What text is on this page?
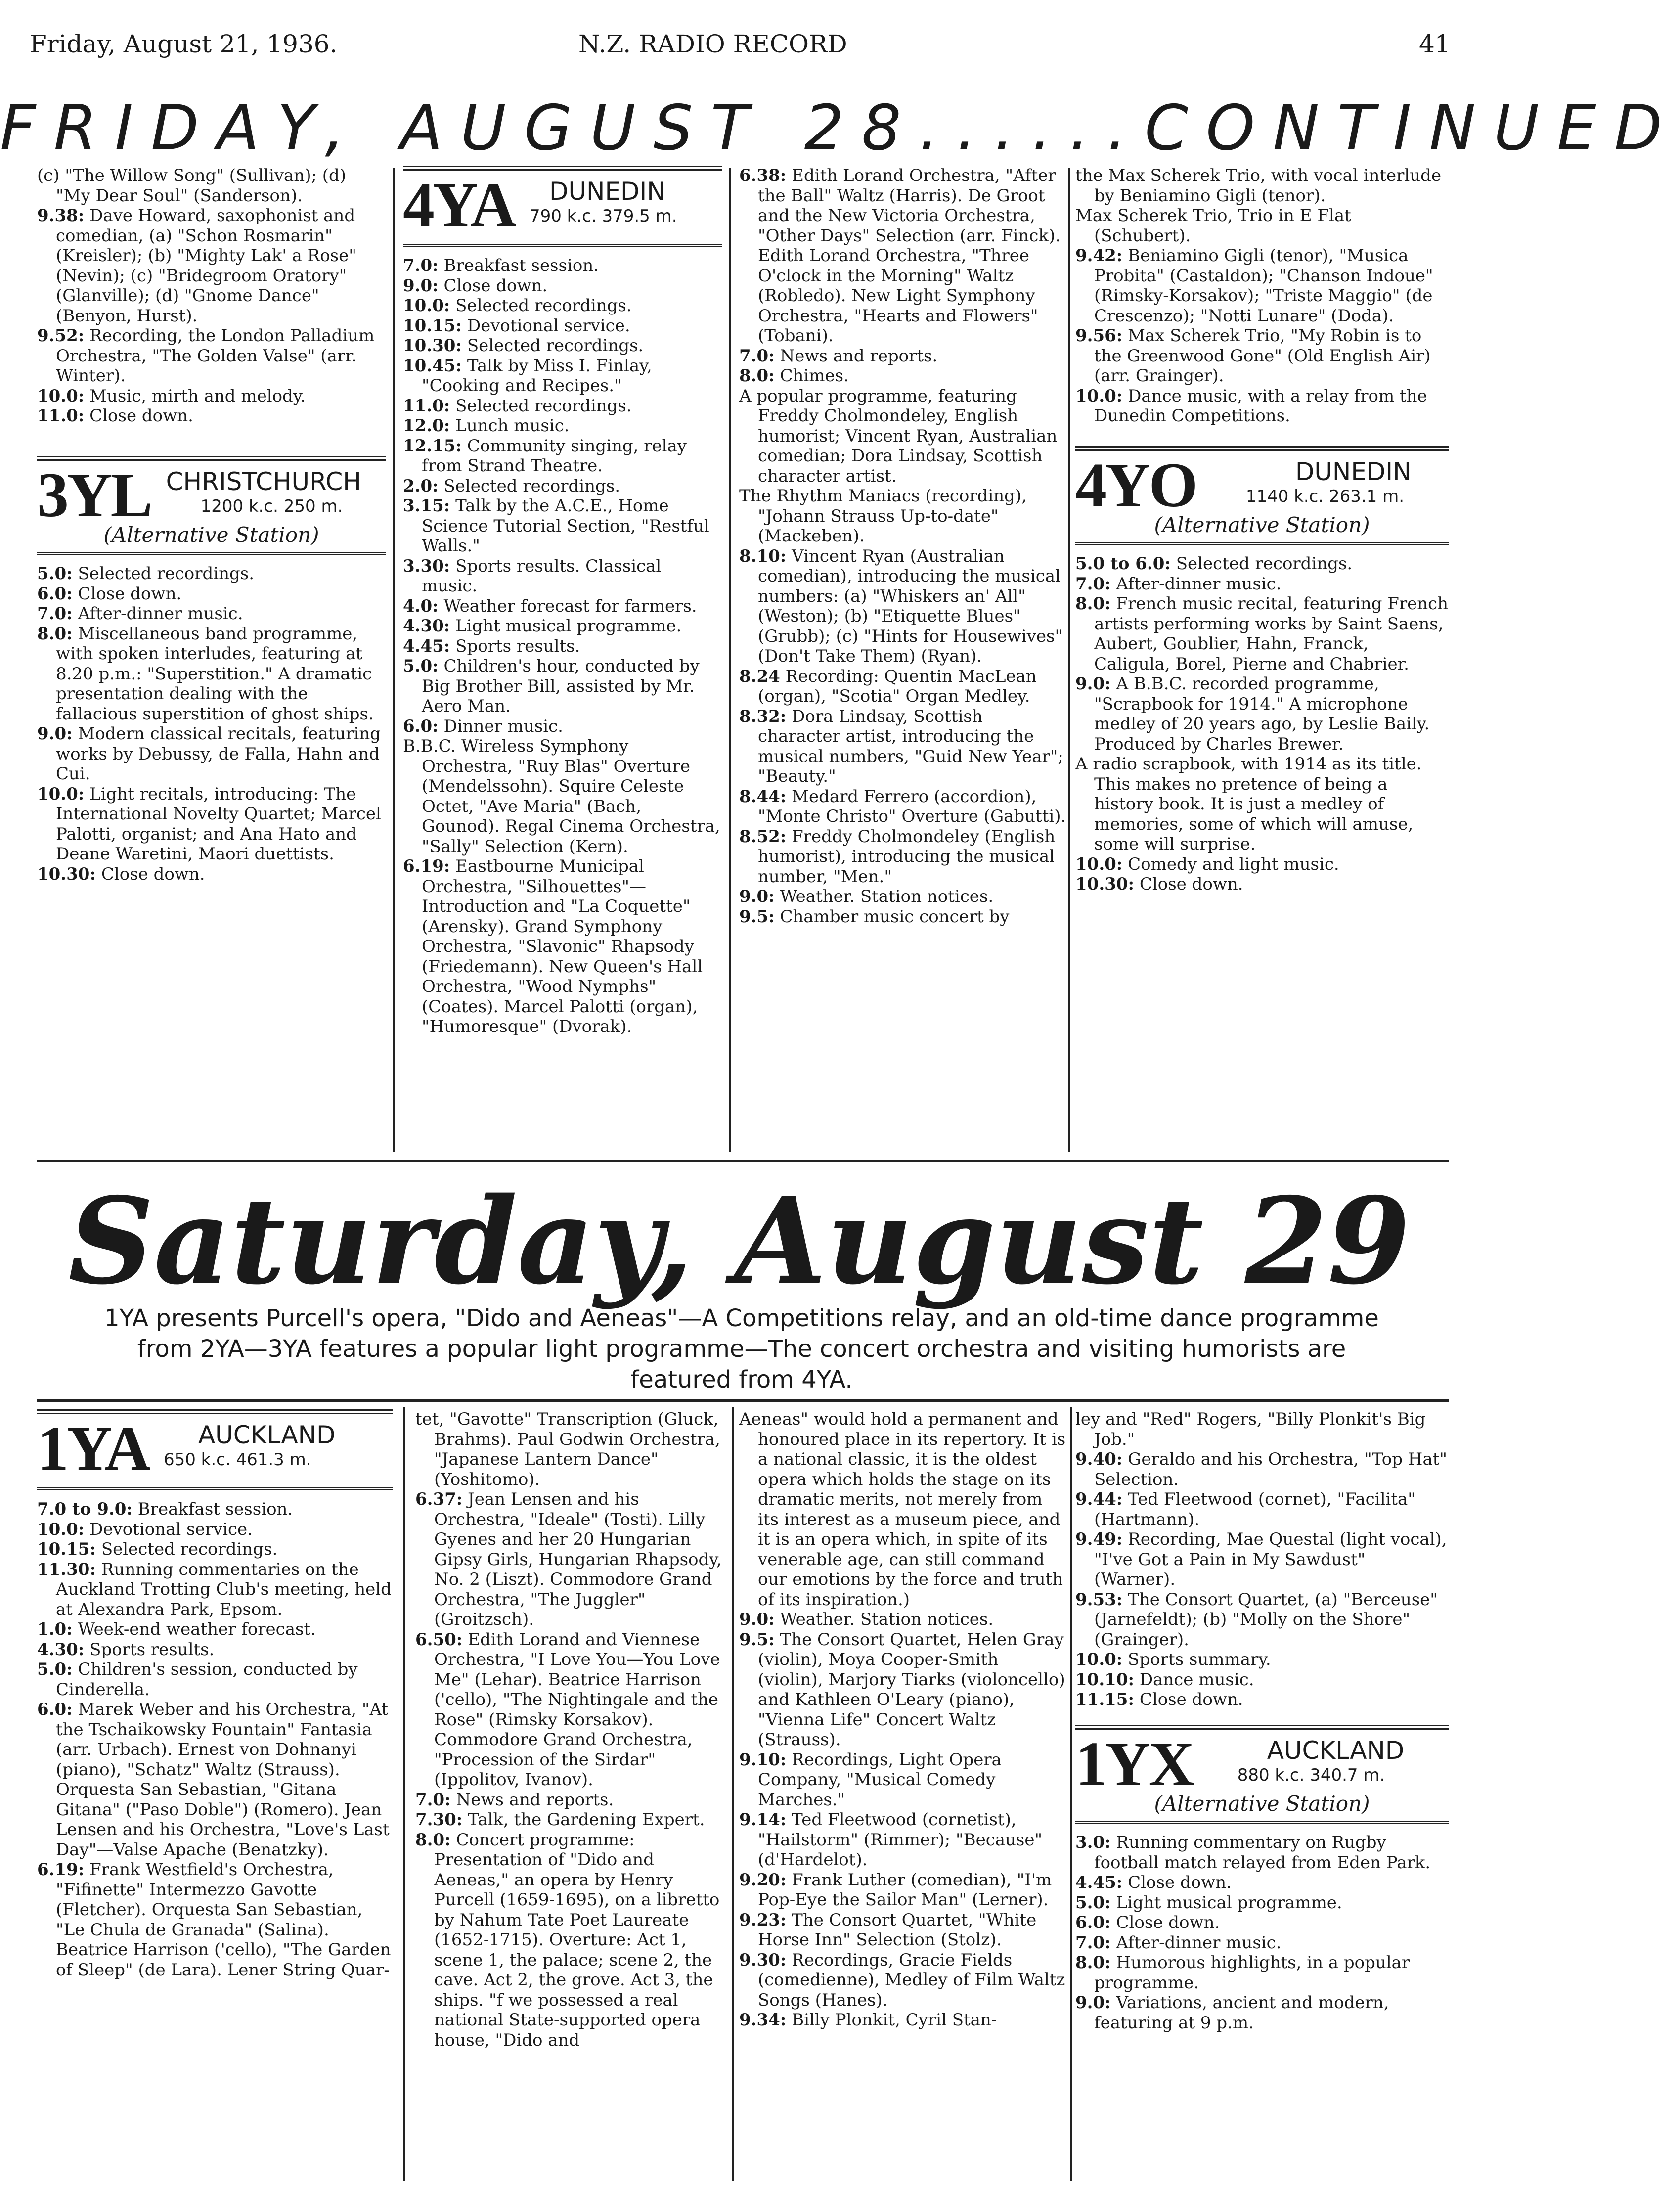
Friday, August 21, 1936.	N.Z. RADIO RECORD	41
FRIDAY, AUGUST 28......CONTINUED

(c) "The Willow Song" (Sullivan); (d) "My Dear Soul" (Sanderson).

9.38: Dave Howard, saxophonist and comedian, (a) "Schon Rosmarin" (Kreisler); (b) "Mighty Lak' a Rose" (Nevin); (c) "Bridegroom Oratory" (Glanville); (d) "Gnome Dance" (Benyon, Hurst).

9.52: Recording, the London Palladium Orchestra, "The Golden Valse" (arr. Winter).

10.0: Music, mirth and melody.

11.0: Close down.

3YL CHRISTCHURCH
1200 k.c. 250 m.
(Alternative Station)

5.0: Selected recordings.

6.0: Close down.

7.0: After-dinner music.

8.0: Miscellaneous band programme, with spoken interludes, featuring at 8.20 p.m.: "Superstition." A dramatic presentation dealing with the fallacious superstition of ghost ships.

9.0: Modern classical recitals, featuring works by Debussy, de Falla, Hahn and Cui.

10.0: Light recitals, introducing: The International Novelty Quartet; Marcel Palotti, organist; and Ana Hato and Deane Waretini, Maori duettists.

10.30: Close down.

4YA	DUNEDIN
790 k.c. 379.5 m.

7.0: Breakfast session.

9.0: Close down.

10.0: Selected recordings.

10.15: Devotional service.

10.30: Selected recordings.

10.45: Talk by Miss I. Finlay, "Cooking and Recipes."

11.0: Selected recordings.

12.0: Lunch music.

12.15: Community singing, relay from Strand Theatre.

2.0: Selected recordings.

3.15: Talk by the A.C.E., Home Science Tutorial Section, "Restful Walls."

3.30: Sports results. Classical music.

4.0: Weather forecast for farmers.

4.30: Light musical programme.

4.45: Sports results.

5.0: Children's hour, conducted by Big Brother Bill, assisted by Mr. Aero Man.

6.0: Dinner music.

B.B.C. Wireless Symphony Orchestra, "Ruy Blas" Overture (Mendelssohn). Squire Celeste Octet, "Ave Maria" (Bach, Gounod). Regal Cinema Orchestra, "Sally" Selection (Kern).

6.19: Eastbourne Municipal Orchestra, "Silhouettes"—Introduction and "La Coquette" (Arensky). Grand Symphony Orchestra, "Slavonic" Rhapsody (Friedemann). New Queen's Hall Orchestra, "Wood Nymphs" (Coates). Marcel Palotti (organ), "Humoresque" (Dvorak).

6.38: Edith Lorand Orchestra, "After the Ball" Waltz (Harris). De Groot and the New Victoria Orchestra, "Other Days" Selection (arr. Finck). Edith Lorand Orchestra, "Three O'clock in the Morning" Waltz (Robledo). New Light Symphony Orchestra, "Hearts and Flowers" (Tobani).

7.0: News and reports.

8.0: Chimes.

A popular programme, featuring Freddy Cholmondeley, English humorist; Vincent Ryan, Australian comedian; Dora Lindsay, Scottish character artist.

The Rhythm Maniacs (recording), "Johann Strauss Up-to-date" (Mackeben).

8.10: Vincent Ryan (Australian comedian), introducing the musical numbers: (a) "Whiskers an' All" (Weston); (b) "Etiquette Blues" (Grubb); (c) "Hints for Housewives" (Don't Take Them) (Ryan).

8.24 Recording: Quentin MacLean (organ), "Scotia" Organ Medley.

8.32: Dora Lindsay, Scottish character artist, introducing the musical numbers, "Guid New Year"; "Beauty."

8.44: Medard Ferrero (accordion), "Monte Christo" Overture (Gabutti).

8.52: Freddy Cholmondeley (English humorist), introducing the musical number, "Men."

9.0: Weather. Station notices.

9.5: Chamber music concert by

the Max Scherek Trio, with vocal interlude by Beniamino Gigli (tenor).

Max Scherek Trio, Trio in E Flat (Schubert).

9.42: Beniamino Gigli (tenor), "Musica Probita" (Castaldon); "Chanson Indoue" (Rimsky-Korsakov); "Triste Maggio" (de Crescenzo); "Notti Lunare" (Doda).

9.56: Max Scherek Trio, "My Robin is to the Greenwood Gone" (Old English Air) (arr. Grainger).

10.0: Dance music, with a relay from the Dunedin Competitions.

4YO	DUNEDIN
1140 k.c. 263.1 m.
(Alternative Station)

5.0 to 6.0: Selected recordings.

7.0: After-dinner music.

8.0: French music recital, featuring French artists performing works by Saint Saens, Aubert, Goublier, Hahn, Franck, Caligula, Borel, Pierne and Chabrier.

9.0: A B.B.C. recorded programme, "Scrapbook for 1914." A microphone medley of 20 years ago, by Leslie Baily. Produced by Charles Brewer.

A radio scrapbook, with 1914 as its title. This makes no pretence of being a history book. It is just a medley of memories, some of which will amuse, some will surprise.

10.0: Comedy and light music.

10.30: Close down.

Saturday, August 29
1YA presents Purcell's opera, "Dido and Aeneas"—A Competitions relay, and an old-time dance programme from 2YA—3YA features a popular light programme—The concert orchestra and visiting humorists are featured from 4YA.
1YA	AUCKLAND
650 k.c. 461.3 m.

7.0 to 9.0: Breakfast session.

10.0: Devotional service.

10.15: Selected recordings.

11.30: Running commentaries on the Auckland Trotting Club's meeting, held at Alexandra Park, Epsom.

1.0: Week-end weather forecast.

4.30: Sports results.

5.0: Children's session, conducted by Cinderella.

6.0: Marek Weber and his Orchestra, "At the Tschaikowsky Fountain" Fantasia (arr. Urbach). Ernest von Dohnanyi (piano), "Schatz" Waltz (Strauss). Orquesta San Sebastian, "Gitana Gitana" ("Paso Doble") (Romero). Jean Lensen and his Orchestra, "Love's Last Day"—Valse Apache (Benatzky).

6.19: Frank Westfield's Orchestra, "Fifinette" Intermezzo Gavotte (Fletcher). Orquesta San Sebastian, "Le Chula de Granada" (Salina). Beatrice Harrison ('cello), "The Garden of Sleep" (de Lara). Lener String Quar-

tet, "Gavotte" Transcription (Gluck, Brahms). Paul Godwin Orchestra, "Japanese Lantern Dance" (Yoshitomo).

6.37: Jean Lensen and his Orchestra, "Ideale" (Tosti). Lilly Gyenes and her 20 Hungarian Gipsy Girls, Hungarian Rhapsody, No. 2 (Liszt). Commodore Grand Orchestra, "The Juggler" (Groitzsch).

6.50: Edith Lorand and Viennese Orchestra, "I Love You—You Love Me" (Lehar). Beatrice Harrison ('cello), "The Nightingale and the Rose" (Rimsky Korsakov). Commodore Grand Orchestra, "Procession of the Sirdar" (Ippolitov, Ivanov).

7.0: News and reports.

7.30: Talk, the Gardening Expert.

8.0: Concert programme: Presentation of "Dido and Aeneas," an opera by Henry Purcell (1659-1695), on a libretto by Nahum Tate Poet Laureate (1652-1715). Overture: Act 1, scene 1, the palace; scene 2, the cave. Act 2, the grove. Act 3, the ships. "f we possessed a real national State-supported opera house, "Dido and

Aeneas" would hold a permanent and honoured place in its repertory. It is a national classic, it is the oldest opera which holds the stage on its dramatic merits, not merely from its interest as a museum piece, and it is an opera which, in spite of its venerable age, can still command our emotions by the force and truth of its inspiration.)

9.0: Weather. Station notices.

9.5: The Consort Quartet, Helen Gray (violin), Moya Cooper-Smith (violin), Marjory Tiarks (violoncello) and Kathleen O'Leary (piano), "Vienna Life" Concert Waltz (Strauss).

9.10: Recordings, Light Opera Company, "Musical Comedy Marches."

9.14: Ted Fleetwood (cornetist), "Hailstorm" (Rimmer); "Because" (d'Hardelot).

9.20: Frank Luther (comedian), "I'm Pop-Eye the Sailor Man" (Lerner).

9.23: The Consort Quartet, "White Horse Inn" Selection (Stolz).

9.30: Recordings, Gracie Fields (comedienne), Medley of Film Waltz Songs (Hanes).

9.34: Billy Plonkit, Cyril Stan-

ley and "Red" Rogers, "Billy Plonkit's Big Job."

9.40: Geraldo and his Orchestra, "Top Hat" Selection.

9.44: Ted Fleetwood (cornet), "Facilita" (Hartmann).

9.49: Recording, Mae Questal (light vocal), "I've Got a Pain in My Sawdust" (Warner).

9.53: The Consort Quartet, (a) "Berceuse" (Jarnefeldt); (b) "Molly on the Shore" (Grainger).

10.0: Sports summary.

10.10: Dance music.

11.15: Close down.

1YX	AUCKLAND
880 k.c. 340.7 m.
(Alternative Station)

3.0: Running commentary on Rugby football match relayed from Eden Park.

4.45: Close down.

5.0: Light musical programme.

6.0: Close down.

7.0: After-dinner music.

8.0: Humorous highlights, in a popular programme.

9.0: Variations, ancient and modern, featuring at 9 p.m.
